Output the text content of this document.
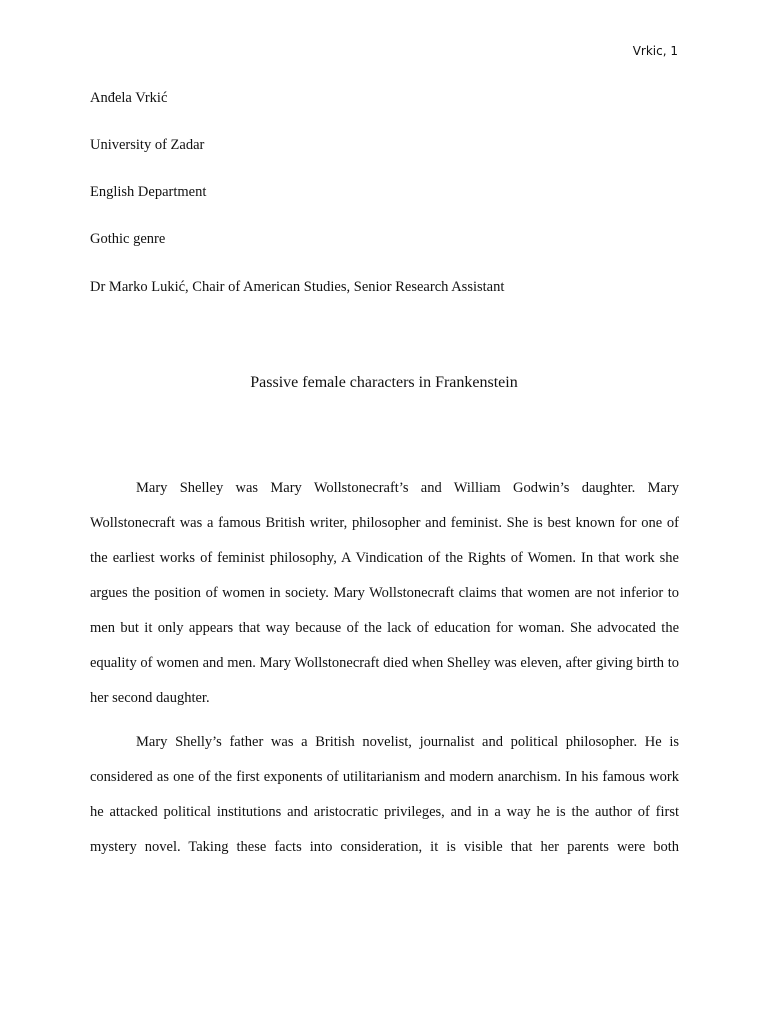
Vrkic, 1
Anđela Vrkić
University of Zadar
English Department
Gothic genre
Dr Marko Lukić, Chair of American Studies, Senior Research Assistant
Passive female characters in Frankenstein

Mary Shelley was Mary Wollstonecraft’s and William Godwin’s daughter. Mary Wollstonecraft was a famous British writer, philosopher and feminist. She is best known for one of the earliest works of feminist philosophy, A Vindication of the Rights of Women. In that work she argues the position of women in society. Mary Wollstonecraft claims that women are not inferior to men but it only appears that way because of the lack of education for woman. She advocated the equality of women and men. Mary Wollstonecraft died when Shelley was eleven, after giving birth to her second daughter.

Mary Shelly’s father was a British novelist, journalist and political philosopher. He is considered as one of the first exponents of utilitarianism and modern anarchism. In his famous work he attacked political institutions and aristocratic privileges, and in a way he is the author of first mystery novel. Taking these facts into consideration, it is visible that her parents were both
